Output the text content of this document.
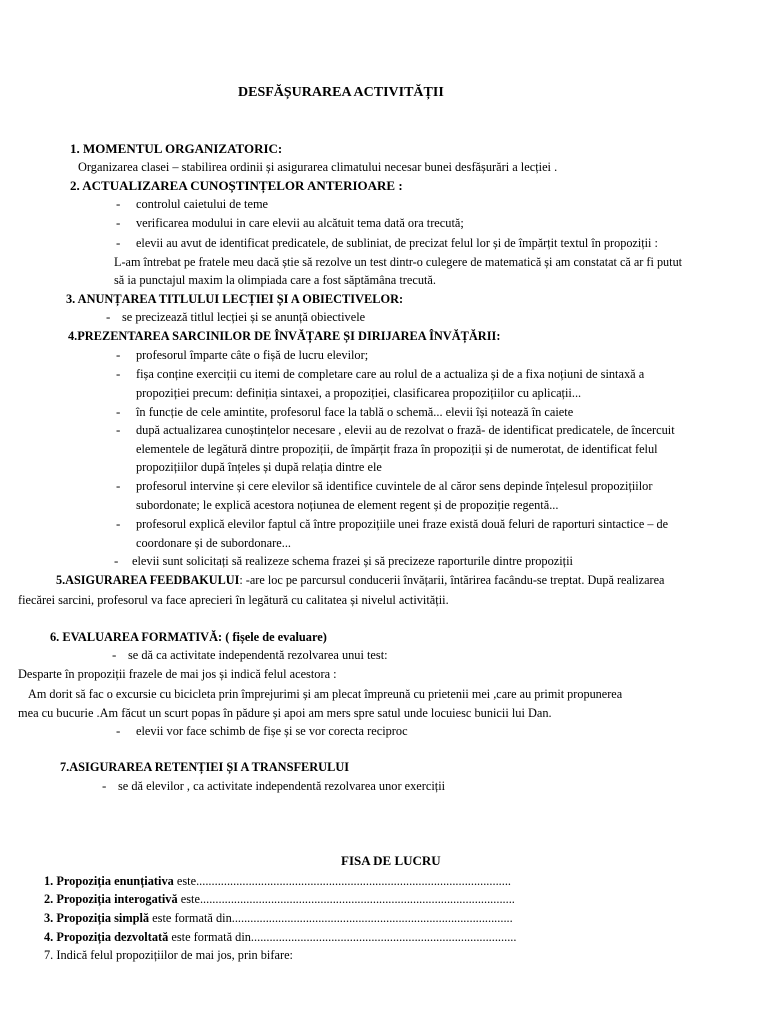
DESFĂȘURAREA ACTIVITĂȚII
1. MOMENTUL ORGANIZATORIC:
Organizarea clasei – stabilirea ordinii și asigurarea climatului necesar bunei desfășurări a lecției .
2. ACTUALIZAREA CUNOȘTINȚELOR ANTERIOARE :
- controlul caietului de teme
- verificarea modului in care elevii au alcătuit tema dată ora trecută;
- elevii au avut de identificat predicatele, de subliniat, de precizat felul lor și de împărțit textul în propoziții :
L-am întrebat pe fratele meu dacă știe să rezolve un test dintr-o culegere de matematică și am constatat că ar fi putut
să ia punctajul maxim la olimpiada care a fost săptămâna trecută.
3. ANUNȚAREA TITLULUI LECȚIEI ȘI A OBIECTIVELOR:
- se precizează titlul lecției și se anunță obiectivele
4.PREZENTAREA SARCINILOR DE ÎNVĂȚARE ȘI DIRIJAREA ÎNVĂȚĂRII:
- profesorul împarte câte o fișă de lucru elevilor;
- fișa conține exerciții cu itemi de completare care au rolul de a actualiza și de a fixa noțiuni de sintaxă a
propoziției precum: definiția sintaxei, a propoziției, clasificarea propozițiilor cu aplicații...
- în funcție de cele amintite, profesorul face la tablă o schemă... elevii își notează în caiete
- după actualizarea cunoștințelor necesare , elevii au de rezolvat o frază- de identificat predicatele, de încercuit
elementele de legătură dintre propoziții, de împărțit fraza în propoziții și de numerotat, de identificat felul
propozițiilor după înțeles și după relația dintre ele
- profesorul intervine și cere elevilor să identifice cuvintele de al căror sens depinde înțelesul propozițiilor
subordonate; le explică acestora noțiunea de element regent și de propoziție regentă...
- profesorul explică elevilor faptul că între propozițiile unei fraze există două feluri de raporturi sintactice – de
coordonare și de subordonare...
- elevii sunt solicitați să realizeze schema frazei și să precizeze raporturile dintre propoziții
5.ASIGURAREA FEEDBAKULUI: -are loc pe parcursul conducerii învățarii, întărirea facându-se treptat. După realizarea
fiecărei sarcini, profesorul va face aprecieri în legătură cu calitatea și nivelul activității.
6. EVALUAREA FORMATIVĂ: ( fișele de evaluare)
- se dă ca activitate independentă rezolvarea unui test:
Desparte în propoziții frazele de mai jos și indică felul acestora :
Am dorit să fac o excursie cu bicicleta prin împrejurimi și am plecat împreună cu prietenii mei ,care au primit propunerea
mea cu bucurie .Am făcut un scurt popas în pădure și apoi am mers spre satul unde locuiesc bunicii lui Dan.
- elevii vor face schimb de fișe și se vor corecta reciproc
7.ASIGURAREA RETENȚIEI ȘI A TRANSFERULUI
- se dă elevilor , ca activitate independentă rezolvarea unor exerciții
FISA DE LUCRU
1. Propoziția enunțiativa este......................................................................................................
2. Propoziția interogativă este......................................................................................................
3. Propoziția simplă este formată din...........................................................................................
4. Propoziția dezvoltată este formată din......................................................................................
7. Indică felul propozițiilor de mai jos, prin bifare:
